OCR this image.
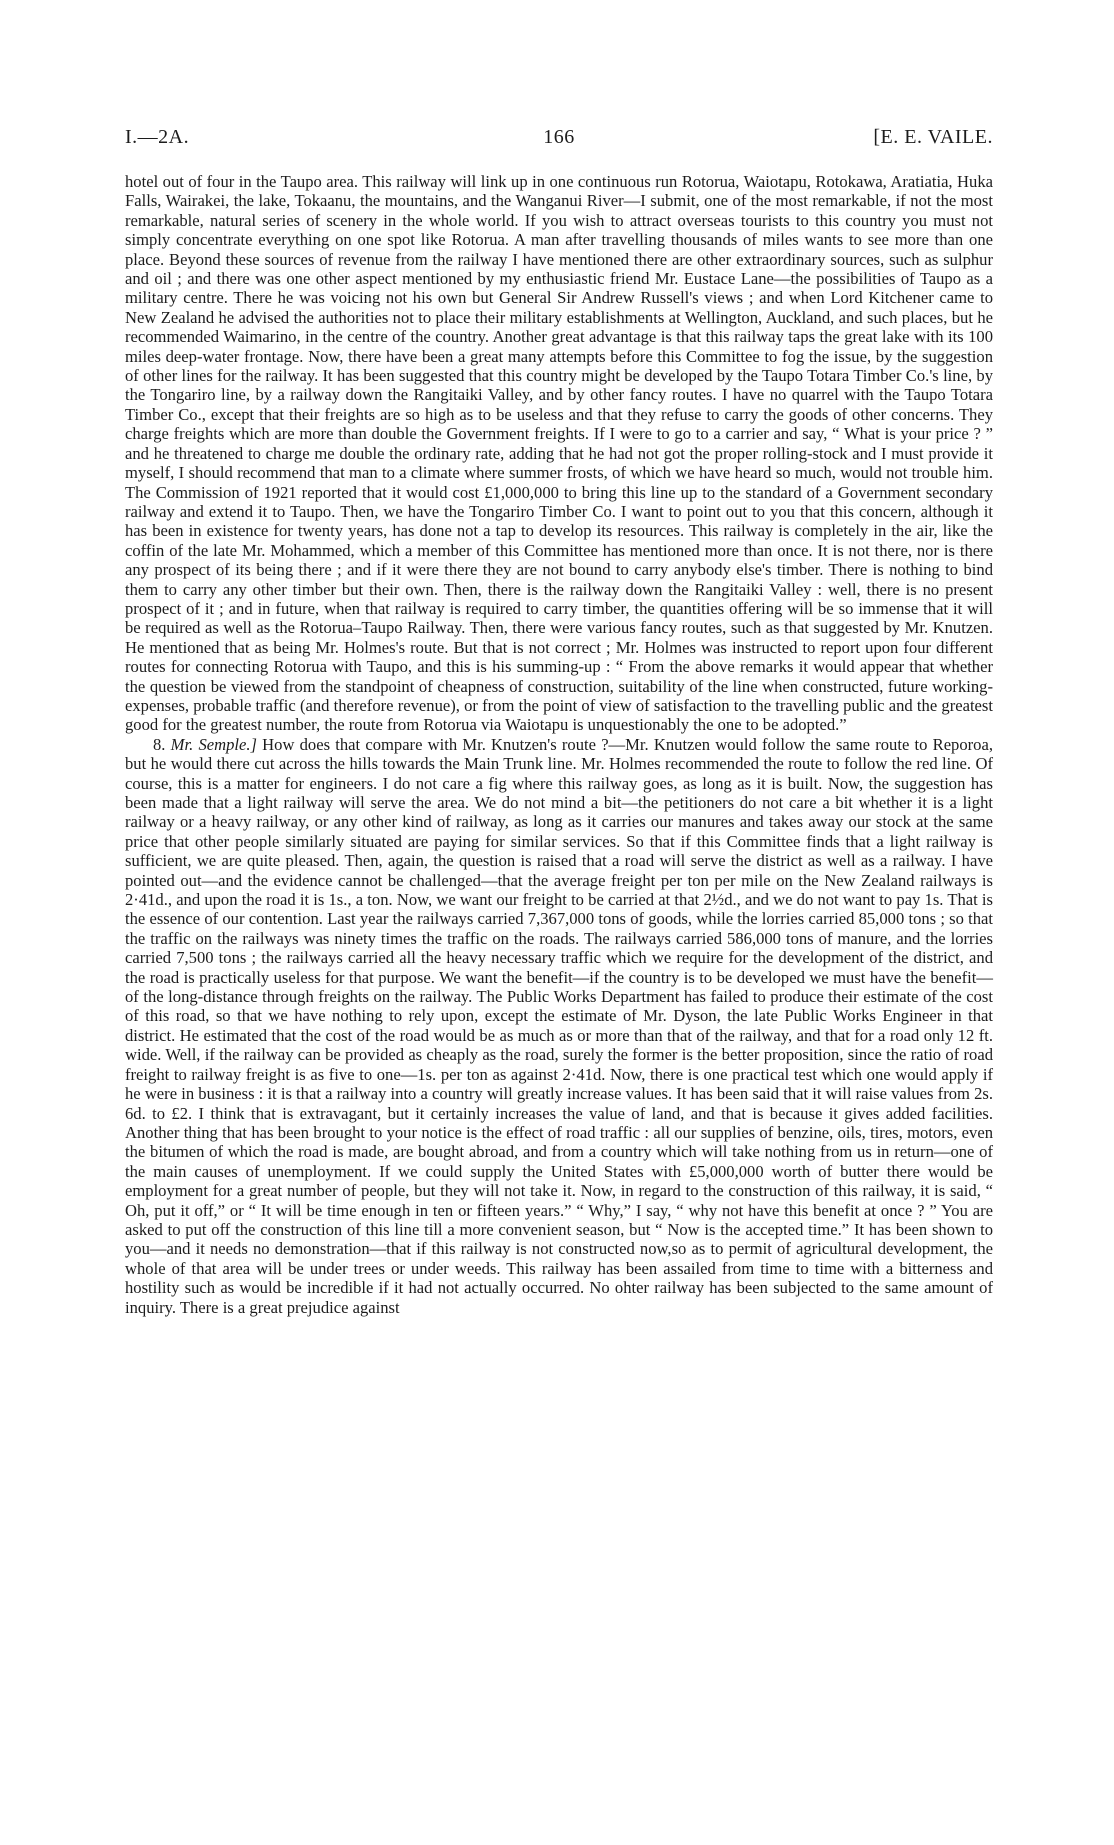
I.—2A.	166	[E. E. VAILE.

hotel out of four in the Taupo area. This railway will link up in one continuous run Rotorua, Waiotapu, Rotokawa, Aratiatia, Huka Falls, Wairakei, the lake, Tokaanu, the mountains, and the Wanganui River—I submit, one of the most remarkable, if not the most remarkable, natural series of scenery in the whole world. If you wish to attract overseas tourists to this country you must not simply concentrate everything on one spot like Rotorua. A man after travelling thousands of miles wants to see more than one place. Beyond these sources of revenue from the railway I have mentioned there are other extraordinary sources, such as sulphur and oil ; and there was one other aspect mentioned by my enthusiastic friend Mr. Eustace Lane—the possibilities of Taupo as a military centre. There he was voicing not his own but General Sir Andrew Russell's views ; and when Lord Kitchener came to New Zealand he advised the authorities not to place their military establishments at Wellington, Auckland, and such places, but he recommended Waimarino, in the centre of the country. Another great advantage is that this railway taps the great lake with its 100 miles deep-water frontage. Now, there have been a great many attempts before this Committee to fog the issue, by the suggestion of other lines for the railway. It has been suggested that this country might be developed by the Taupo Totara Timber Co.'s line, by the Tongariro line, by a railway down the Rangitaiki Valley, and by other fancy routes. I have no quarrel with the Taupo Totara Timber Co., except that their freights are so high as to be useless and that they refuse to carry the goods of other concerns. They charge freights which are more than double the Government freights. If I were to go to a carrier and say, “ What is your price ? ” and he threatened to charge me double the ordinary rate, adding that he had not got the proper rolling-stock and I must provide it myself, I should recommend that man to a climate where summer frosts, of which we have heard so much, would not trouble him. The Commission of 1921 reported that it would cost £1,000,000 to bring this line up to the standard of a Government secondary railway and extend it to Taupo. Then, we have the Tongariro Timber Co. I want to point out to you that this concern, although it has been in existence for twenty years, has done not a tap to develop its resources. This railway is completely in the air, like the coffin of the late Mr. Mohammed, which a member of this Committee has mentioned more than once. It is not there, nor is there any prospect of its being there ; and if it were there they are not bound to carry anybody else's timber. There is nothing to bind them to carry any other timber but their own. Then, there is the railway down the Rangitaiki Valley : well, there is no present prospect of it ; and in future, when that railway is required to carry timber, the quantities offering will be so immense that it will be required as well as the Rotorua–Taupo Railway. Then, there were various fancy routes, such as that suggested by Mr. Knutzen. He mentioned that as being Mr. Holmes's route. But that is not correct ; Mr. Holmes was instructed to report upon four different routes for connecting Rotorua with Taupo, and this is his summing-up : “ From the above remarks it would appear that whether the question be viewed from the standpoint of cheapness of construction, suitability of the line when constructed, future working-expenses, probable traffic (and therefore revenue), or from the point of view of satisfaction to the travelling public and the greatest good for the greatest number, the route from Rotorua via Waiotapu is unquestionably the one to be adopted.”

8. Mr. Semple.] How does that compare with Mr. Knutzen's route ?—Mr. Knutzen would follow the same route to Reporoa, but he would there cut across the hills towards the Main Trunk line. Mr. Holmes recommended the route to follow the red line. Of course, this is a matter for engineers. I do not care a fig where this railway goes, as long as it is built. Now, the suggestion has been made that a light railway will serve the area. We do not mind a bit—the petitioners do not care a bit whether it is a light railway or a heavy railway, or any other kind of railway, as long as it carries our manures and takes away our stock at the same price that other people similarly situated are paying for similar services. So that if this Committee finds that a light railway is sufficient, we are quite pleased. Then, again, the question is raised that a road will serve the district as well as a railway. I have pointed out—and the evidence cannot be challenged—that the average freight per ton per mile on the New Zealand railways is 2·41d., and upon the road it is 1s., a ton. Now, we want our freight to be carried at that 2½d., and we do not want to pay 1s. That is the essence of our contention. Last year the railways carried 7,367,000 tons of goods, while the lorries carried 85,000 tons ; so that the traffic on the railways was ninety times the traffic on the roads. The railways carried 586,000 tons of manure, and the lorries carried 7,500 tons ; the railways carried all the heavy necessary traffic which we require for the development of the district, and the road is practically useless for that purpose. We want the benefit—if the country is to be developed we must have the benefit—of the long-distance through freights on the railway. The Public Works Department has failed to produce their estimate of the cost of this road, so that we have nothing to rely upon, except the estimate of Mr. Dyson, the late Public Works Engineer in that district. He estimated that the cost of the road would be as much as or more than that of the railway, and that for a road only 12 ft. wide. Well, if the railway can be provided as cheaply as the road, surely the former is the better proposition, since the ratio of road freight to railway freight is as five to one—1s. per ton as against 2·41d. Now, there is one practical test which one would apply if he were in business : it is that a railway into a country will greatly increase values. It has been said that it will raise values from 2s. 6d. to £2. I think that is extravagant, but it certainly increases the value of land, and that is because it gives added facilities. Another thing that has been brought to your notice is the effect of road traffic : all our supplies of benzine, oils, tires, motors, even the bitumen of which the road is made, are bought abroad, and from a country which will take nothing from us in return—one of the main causes of unemployment. If we could supply the United States with £5,000,000 worth of butter there would be employment for a great number of people, but they will not take it. Now, in regard to the construction of this railway, it is said, “ Oh, put it off,” or “ It will be time enough in ten or fifteen years.” “ Why,” I say, “ why not have this benefit at once ? ” You are asked to put off the construction of this line till a more convenient season, but “ Now is the accepted time.” It has been shown to you—and it needs no demonstration—that if this railway is not constructed now,so as to permit of agricultural development, the whole of that area will be under trees or under weeds. This railway has been assailed from time to time with a bitterness and hostility such as would be incredible if it had not actually occurred. No ohter railway has been subjected to the same amount of inquiry. There is a great prejudice against
